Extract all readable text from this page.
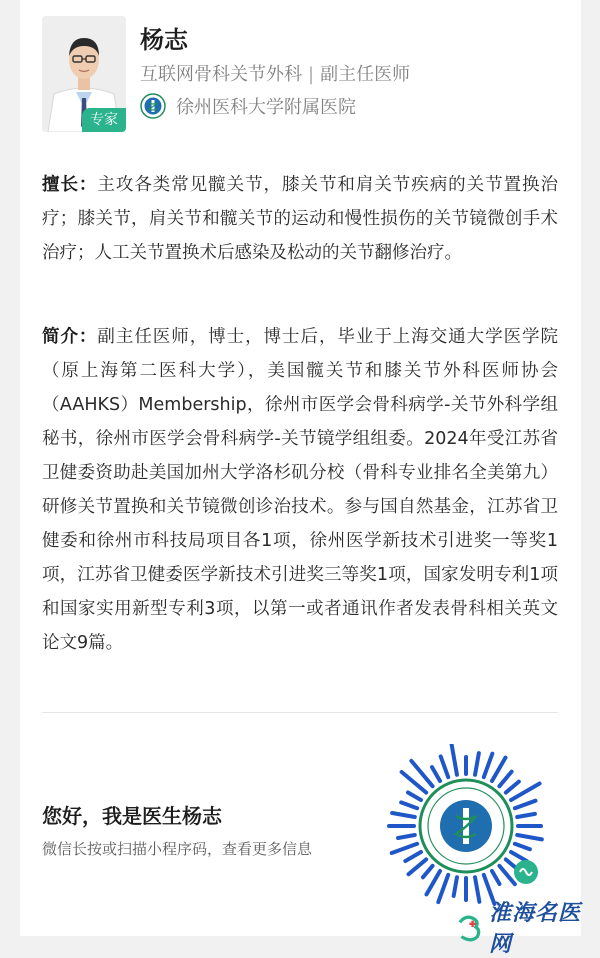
专家
杨志
互联网骨科关节外科 | 副主任医师
徐州医科大学附属医院
擅长：主攻各类常见髋关节，膝关节和肩关节疾病的关节置换治疗；膝关节，肩关节和髋关节的运动和慢性损伤的关节镜微创手术治疗；人工关节置换术后感染及松动的关节翻修治疗。
简介：副主任医师，博士，博士后，毕业于上海交通大学医学院（原上海第二医科大学），美国髋关节和膝关节外科医师协会（AAHKS）Membership，徐州市医学会骨科病学-关节外科学组秘书，徐州市医学会骨科病学-关节镜学组组委。2024年受江苏省卫健委资助赴美国加州大学洛杉矶分校（骨科专业排名全美第九）研修关节置换和关节镜微创诊治技术。参与国自然基金，江苏省卫健委和徐州市科技局项目各1项，徐州医学新技术引进奖一等奖1项，江苏省卫健委医学新技术引进奖三等奖1项，国家发明专利1项和国家实用新型专利3项，以第一或者通讯作者发表骨科相关英文论文9篇。
您好，我是医生杨志
微信长按或扫描小程序码，查看更多信息
淮海名医网
